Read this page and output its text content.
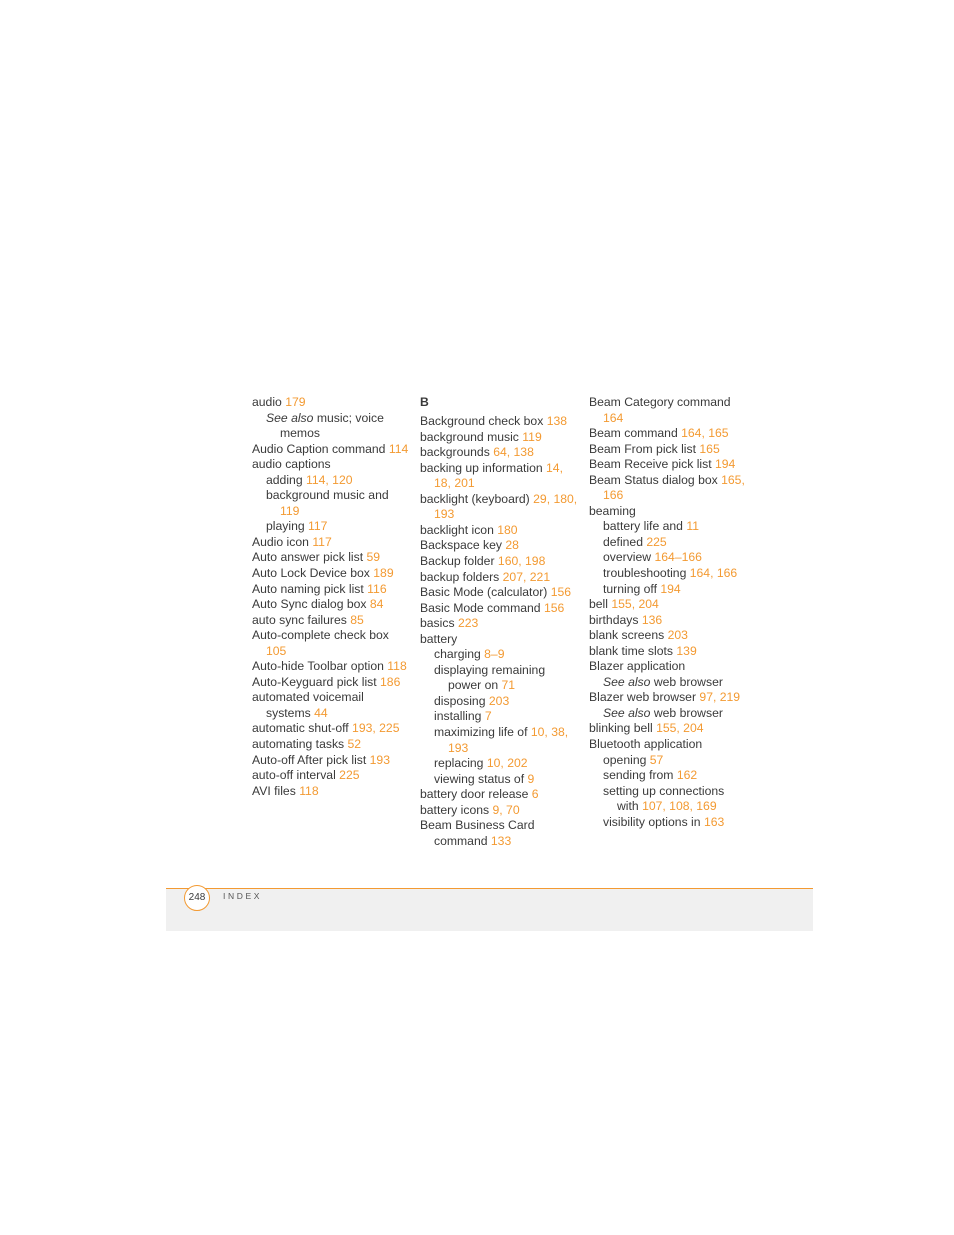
audio 179
See also music; voice
memos
Audio Caption command 114
audio captions
adding 114, 120
background music and
119
playing 117
Audio icon 117
Auto answer pick list 59
Auto Lock Device box 189
Auto naming pick list 116
Auto Sync dialog box 84
auto sync failures 85
Auto-complete check box
105
Auto-hide Toolbar option 118
Auto-Keyguard pick list 186
automated voicemail
systems 44
automatic shut-off 193, 225
automating tasks 52
Auto-off After pick list 193
auto-off interval 225
AVI files 118
B
Background check box 138
background music 119
backgrounds 64, 138
backing up information 14,
18, 201
backlight (keyboard) 29, 180,
193
backlight icon 180
Backspace key 28
Backup folder 160, 198
backup folders 207, 221
Basic Mode (calculator) 156
Basic Mode command 156
basics 223
battery
charging 8–9
displaying remaining
power on 71
disposing 203
installing 7
maximizing life of 10, 38,
193
replacing 10, 202
viewing status of 9
battery door release 6
battery icons 9, 70
Beam Business Card
command 133
Beam Category command
164
Beam command 164, 165
Beam From pick list 165
Beam Receive pick list 194
Beam Status dialog box 165,
166
beaming
battery life and 11
defined 225
overview 164–166
troubleshooting 164, 166
turning off 194
bell 155, 204
birthdays 136
blank screens 203
blank time slots 139
Blazer application
See also web browser
Blazer web browser 97, 219
See also web browser
blinking bell 155, 204
Bluetooth application
opening 57
sending from 162
setting up connections
with 107, 108, 169
visibility options in 163
248	INDEX
